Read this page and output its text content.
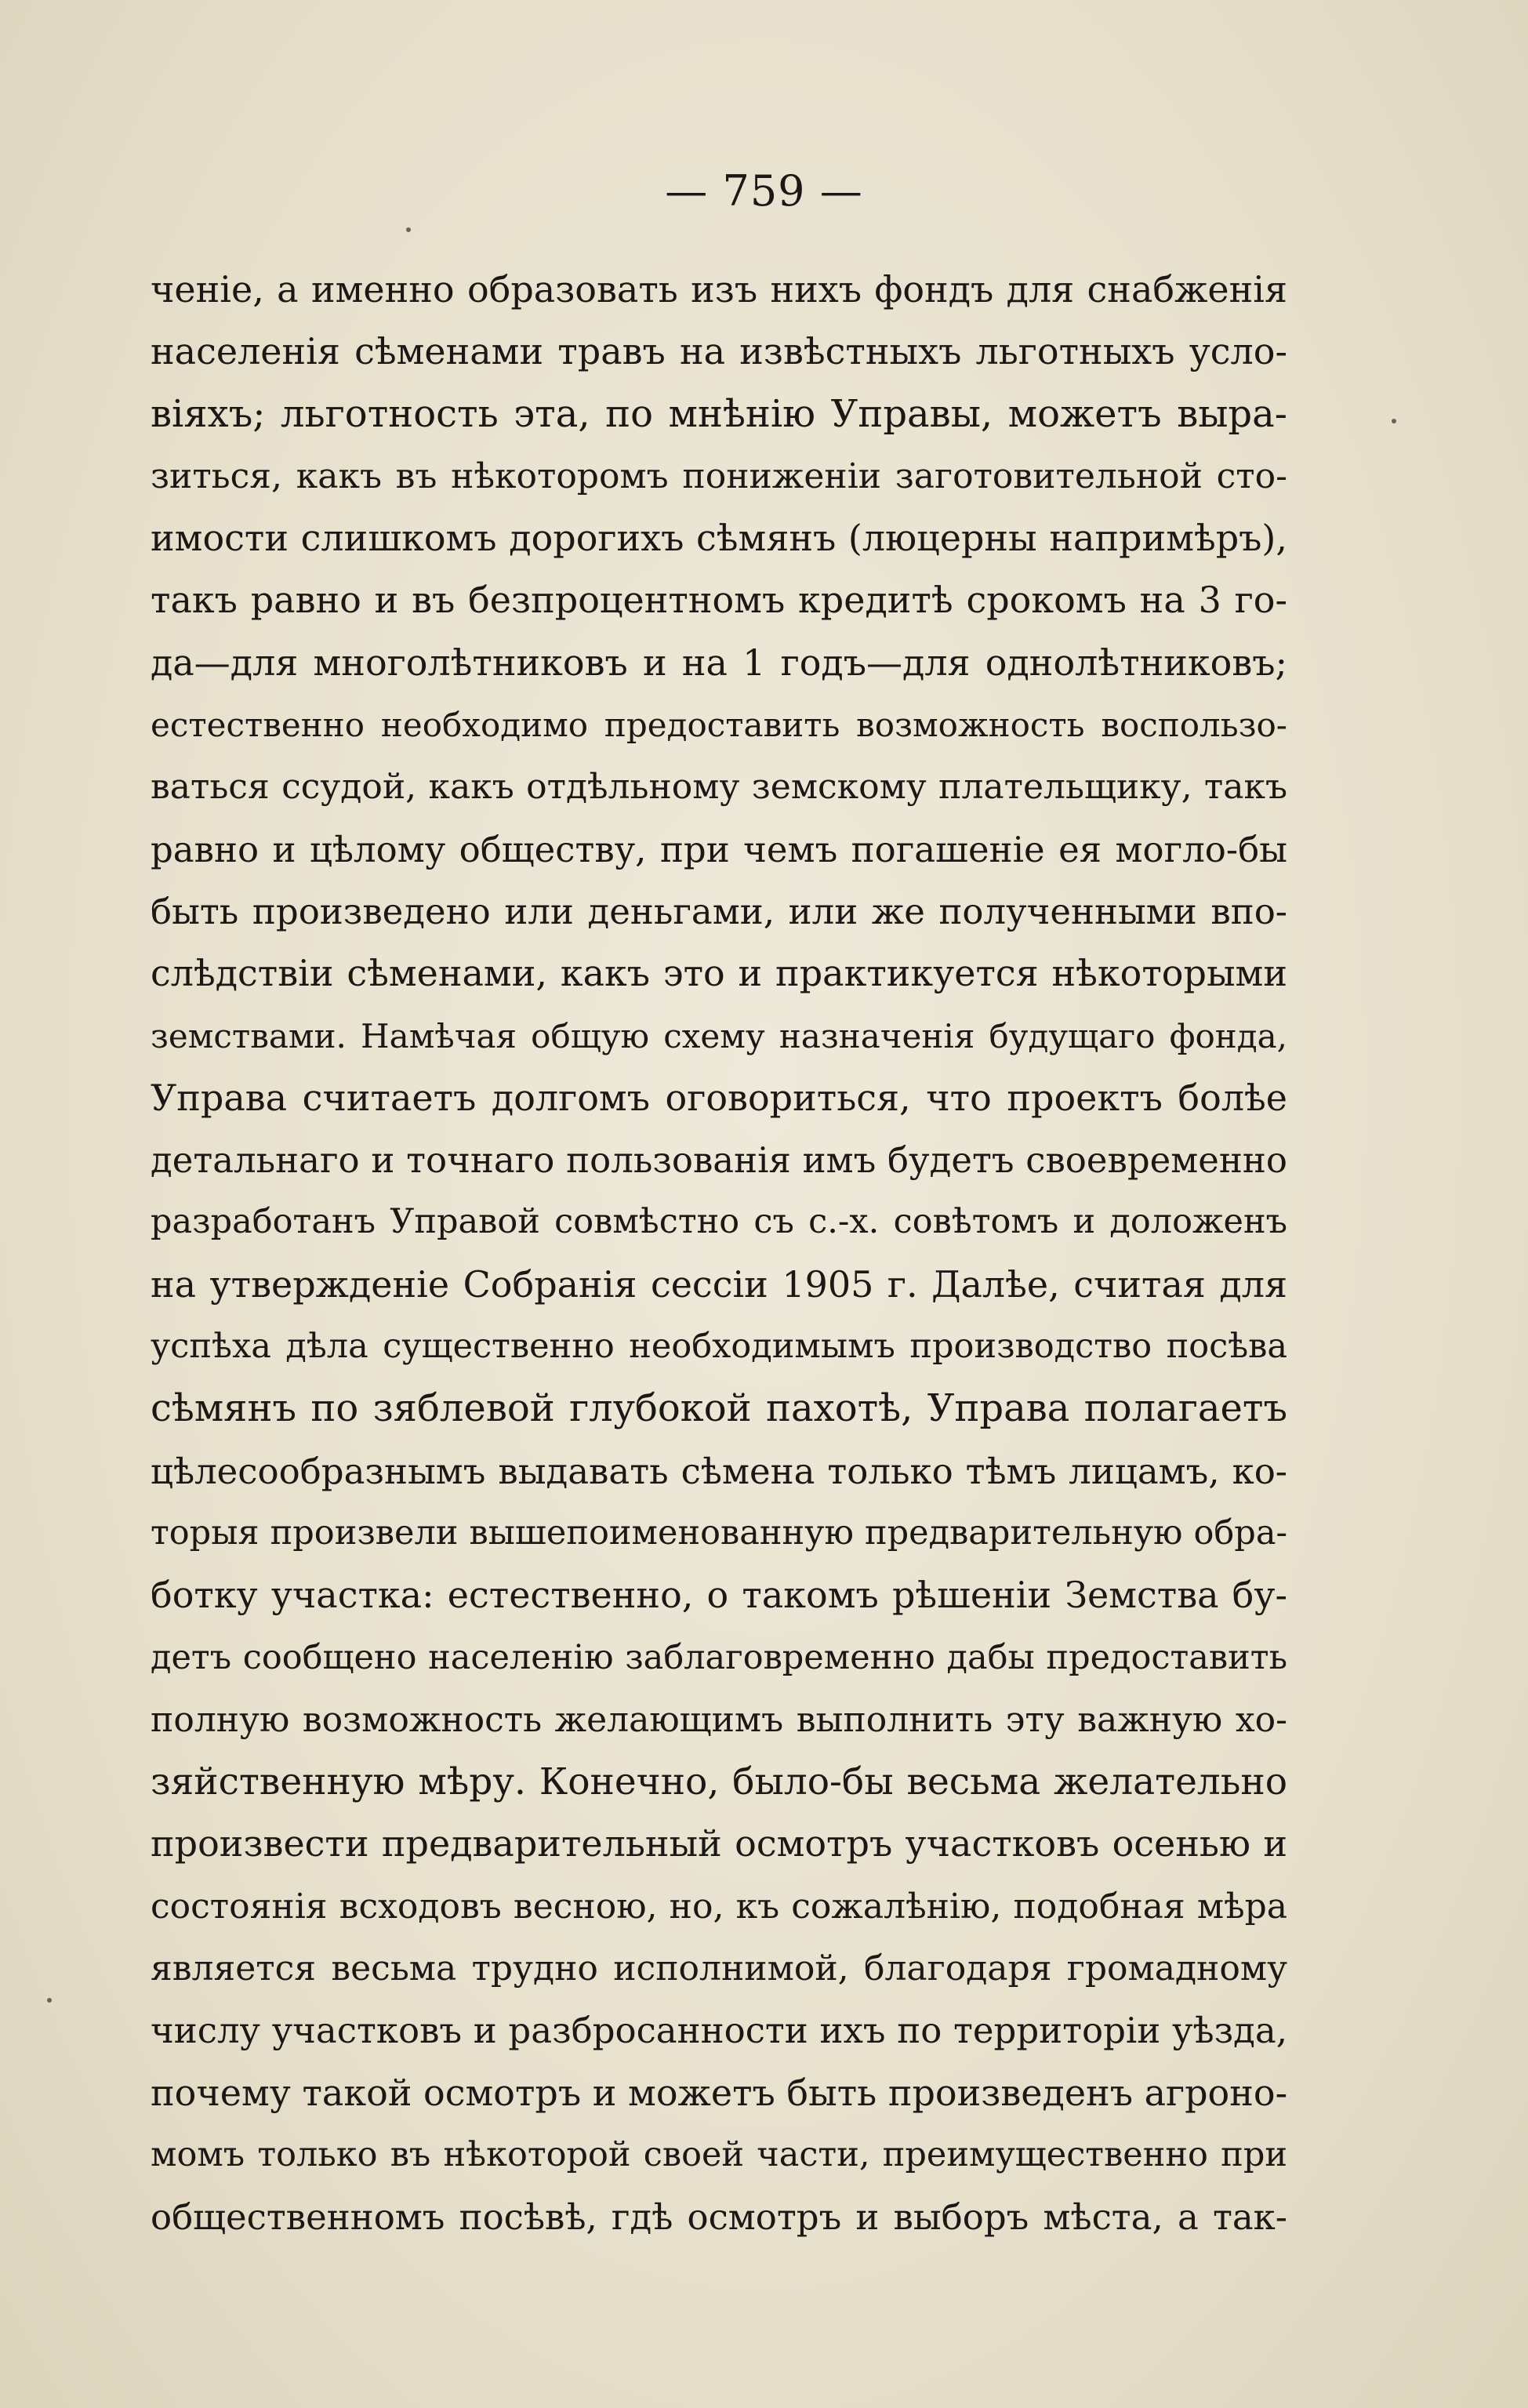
— 759 —
ченіе, а именно образовать изъ нихъ фондъ для снабженія
населенія сѣменами травъ на извѣстныхъ льготныхъ усло-
віяхъ; льготность эта, по мнѣнію Управы, можетъ выра-
зиться, какъ въ нѣкоторомъ понижeніи заготовительной сто-
имости слишкомъ дорогихъ сѣмянъ (люцерны напримѣръ),
такъ равно и въ безпроцентномъ кредитѣ срокомъ на 3 го-
да—для многолѣтниковъ и на 1 годъ—для однолѣтниковъ;
естественно необходимо предоставить возможность воспользо-
ваться ссудой, какъ отдѣльному земскому плательщику, такъ
равно и цѣлому обществу, при чемъ погашеніе ея могло-бы
быть произведено или деньгами, или же полученными впо-
слѣдствіи сѣменами, какъ это и практикуется нѣкоторыми
земствами. Намѣчая общую схему назначенія будущаго фонда,
Управа считаетъ долгомъ оговориться, что проектъ болѣе
детальнаго и точнаго пользованія имъ будетъ своевременно
разработанъ Управой совмѣстно съ с.-х. совѣтомъ и доложенъ
на утвержденіе Собранія сессіи 1905 г. Далѣе, считая для
успѣха дѣла существенно необходимымъ производство посѣва
сѣмянъ по зяблевой глубокой пахотѣ, Управа полагаетъ
цѣлесообразнымъ выдавать сѣмена только тѣмъ лицамъ, ко-
торыя произвели вышепоименованную предварительную обра-
ботку участка: естественно, о такомъ рѣшеніи Земства бу-
детъ сообщено населенію заблаговременно дабы предоставить
полную возможность желающимъ выполнить эту важную хо-
зяйственную мѣру. Конечно, было-бы весьма желательно
произвести предварительный осмотръ участковъ осенью и
состоянія всходовъ весною, но, къ сожалѣнію, подобная мѣра
является весьма трудно исполнимой, благодаря громадному
числу участковъ и разбросанности ихъ по территоріи уѣзда,
почему такой осмотръ и можетъ быть произведенъ агроно-
момъ только въ нѣкоторой своей части, преимущественно при
общественномъ посѣвѣ, гдѣ осмотръ и выборъ мѣста, а так-
